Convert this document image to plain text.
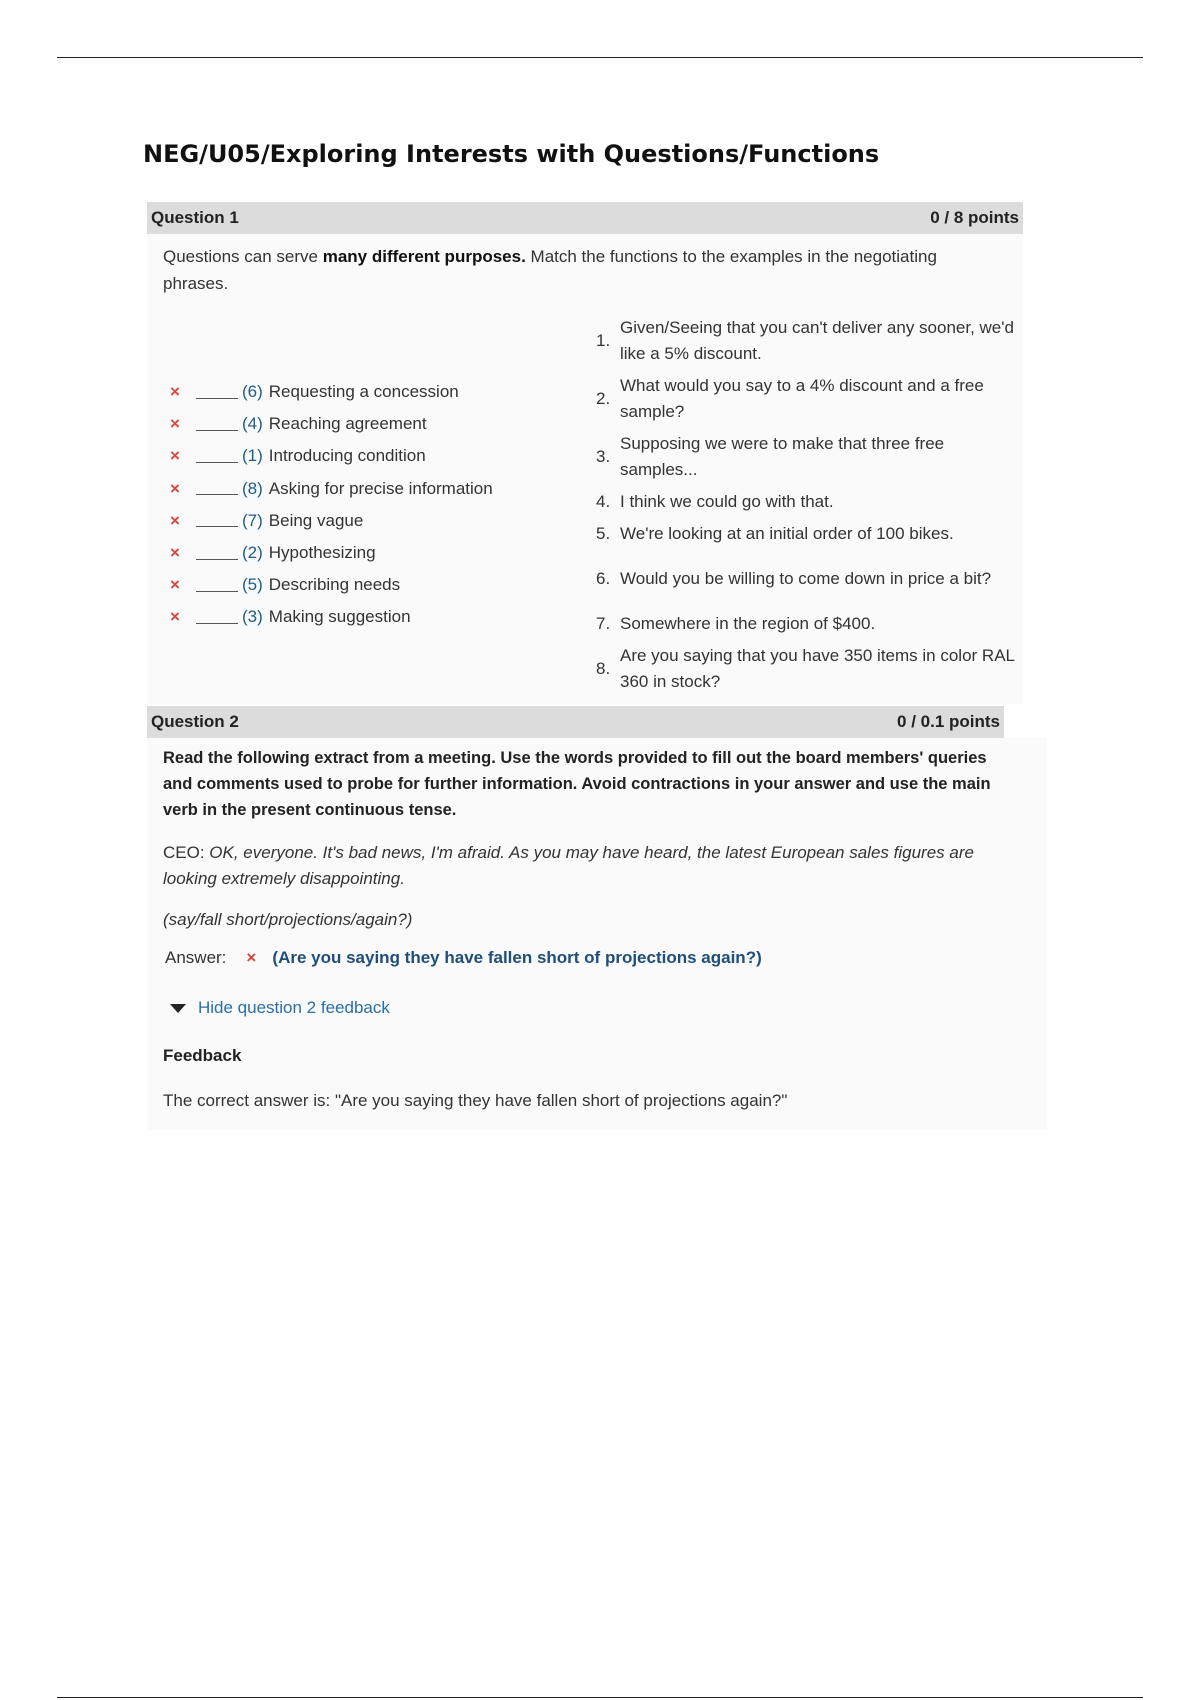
NEG/U05/Exploring Interests with Questions/Functions
Question 1	0 / 8 points

Questions can serve many different purposes. Match the functions to the examples in the negotiating phrases.

×	(6) Requesting a concession
×	(4) Reaching agreement
×	(1) Introducing condition
×	(8) Asking for precise information
×	(7) Being vague
×	(2) Hypothesizing
×	(5) Describing needs
×	(3) Making suggestion
1.
Given/Seeing that you can't deliver any sooner, we'd like a 5% discount.
2.
What would you say to a 4% discount and a free sample?
3.
Supposing we were to make that three free samples...
4. I think we could go with that.
5. We're looking at an initial order of 100 bikes.
6. Would you be willing to come down in price a bit?
7. Somewhere in the region of $400.
8.
Are you saying that you have 350 items in color RAL 360 in stock?
Question 2	0 / 0.1 points

Read the following extract from a meeting. Use the words provided to fill out the board members' queries and comments used to probe for further information. Avoid contractions in your answer and use the main verb in the present continuous tense.

CEO: OK, everyone. It's bad news, I'm afraid. As you may have heard, the latest European sales figures are looking extremely disappointing.

(say/fall short/projections/again?)

Answer: × (Are you saying they have fallen short of projections again?)
Hide question 2 feedback

Feedback

The correct answer is: "Are you saying they have fallen short of projections again?"
